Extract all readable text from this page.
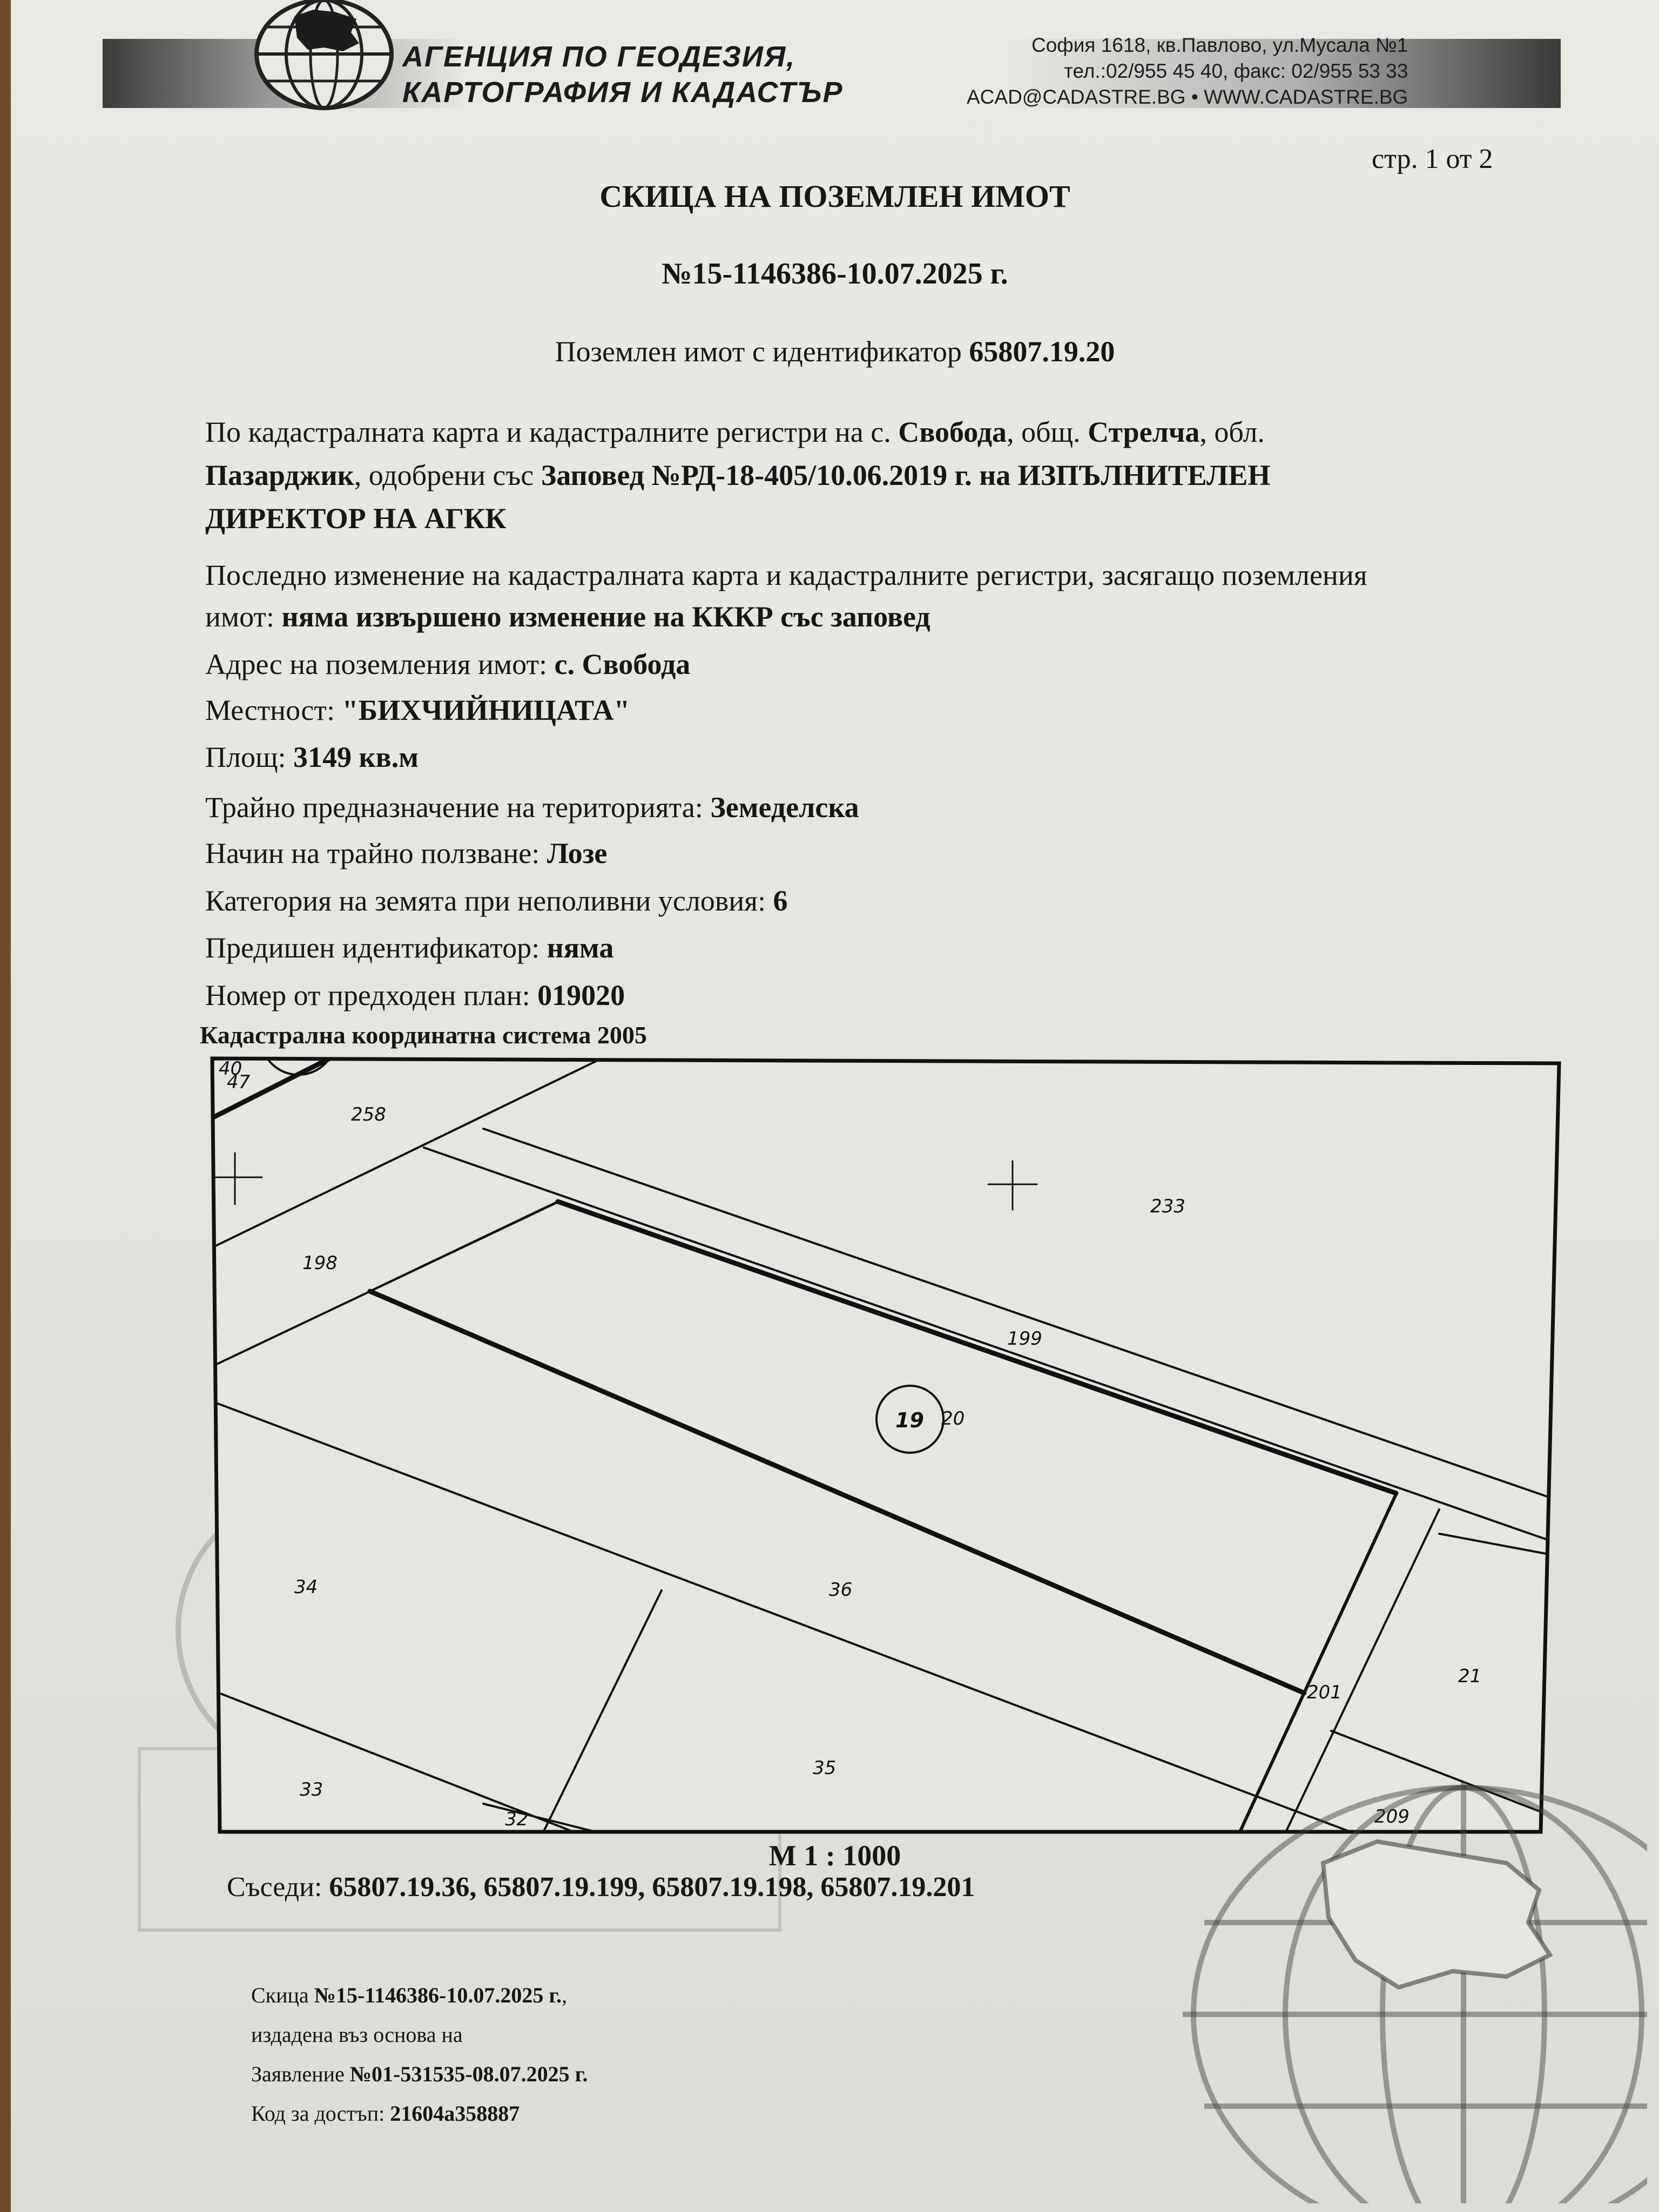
АГЕНЦИЯ ПО ГЕОДЕЗИЯ,
КАРТОГРАФИЯ И КАДАСТЪР
София 1618, кв.Павлово, ул.Мусала №1
тел.:02/955 45 40, факс: 02/955 53 33
ACAD@CADASTRE.BG • WWW.CADASTRE.BG
стр. 1 от 2
СКИЦА НА ПОЗЕМЛЕН ИМОТ
№15-1146386-10.07.2025 г.
Поземлен имот с идентификатор 65807.19.20
По кадастралната карта и кадастралните регистри на с. Свобода, общ. Стрелча, обл.
Пазарджик, одобрени със Заповед №РД-18-405/10.06.2019 г. на ИЗПЪЛНИТЕЛЕН
ДИРЕКТОР НА АГКК
Последно изменение на кадастралната карта и кадастралните регистри, засягащо поземления
имот: няма извършено изменение на КККР със заповед
Адрес на поземления имот: с. Свобода
Местност: "БИХЧИЙНИЦАТА"
Площ: 3149 кв.м
Трайно предназначение на територията: Земеделска
Начин на трайно ползване: Лозе
Категория на земята при неполивни условия: 6
Предишен идентификатор: няма
Номер от предходен план: 019020
Кадастрална координатна система 2005
40
47
258
233
198
199
19 20
34	36
21
201
35
33
32	209
М 1 : 1000
Съседи: 65807.19.36, 65807.19.199, 65807.19.198, 65807.19.201
Скица №15-1146386-10.07.2025 г.,
издадена въз основа на
Заявление №01-531535-08.07.2025 г.
Код за достъп: 21604a358887
